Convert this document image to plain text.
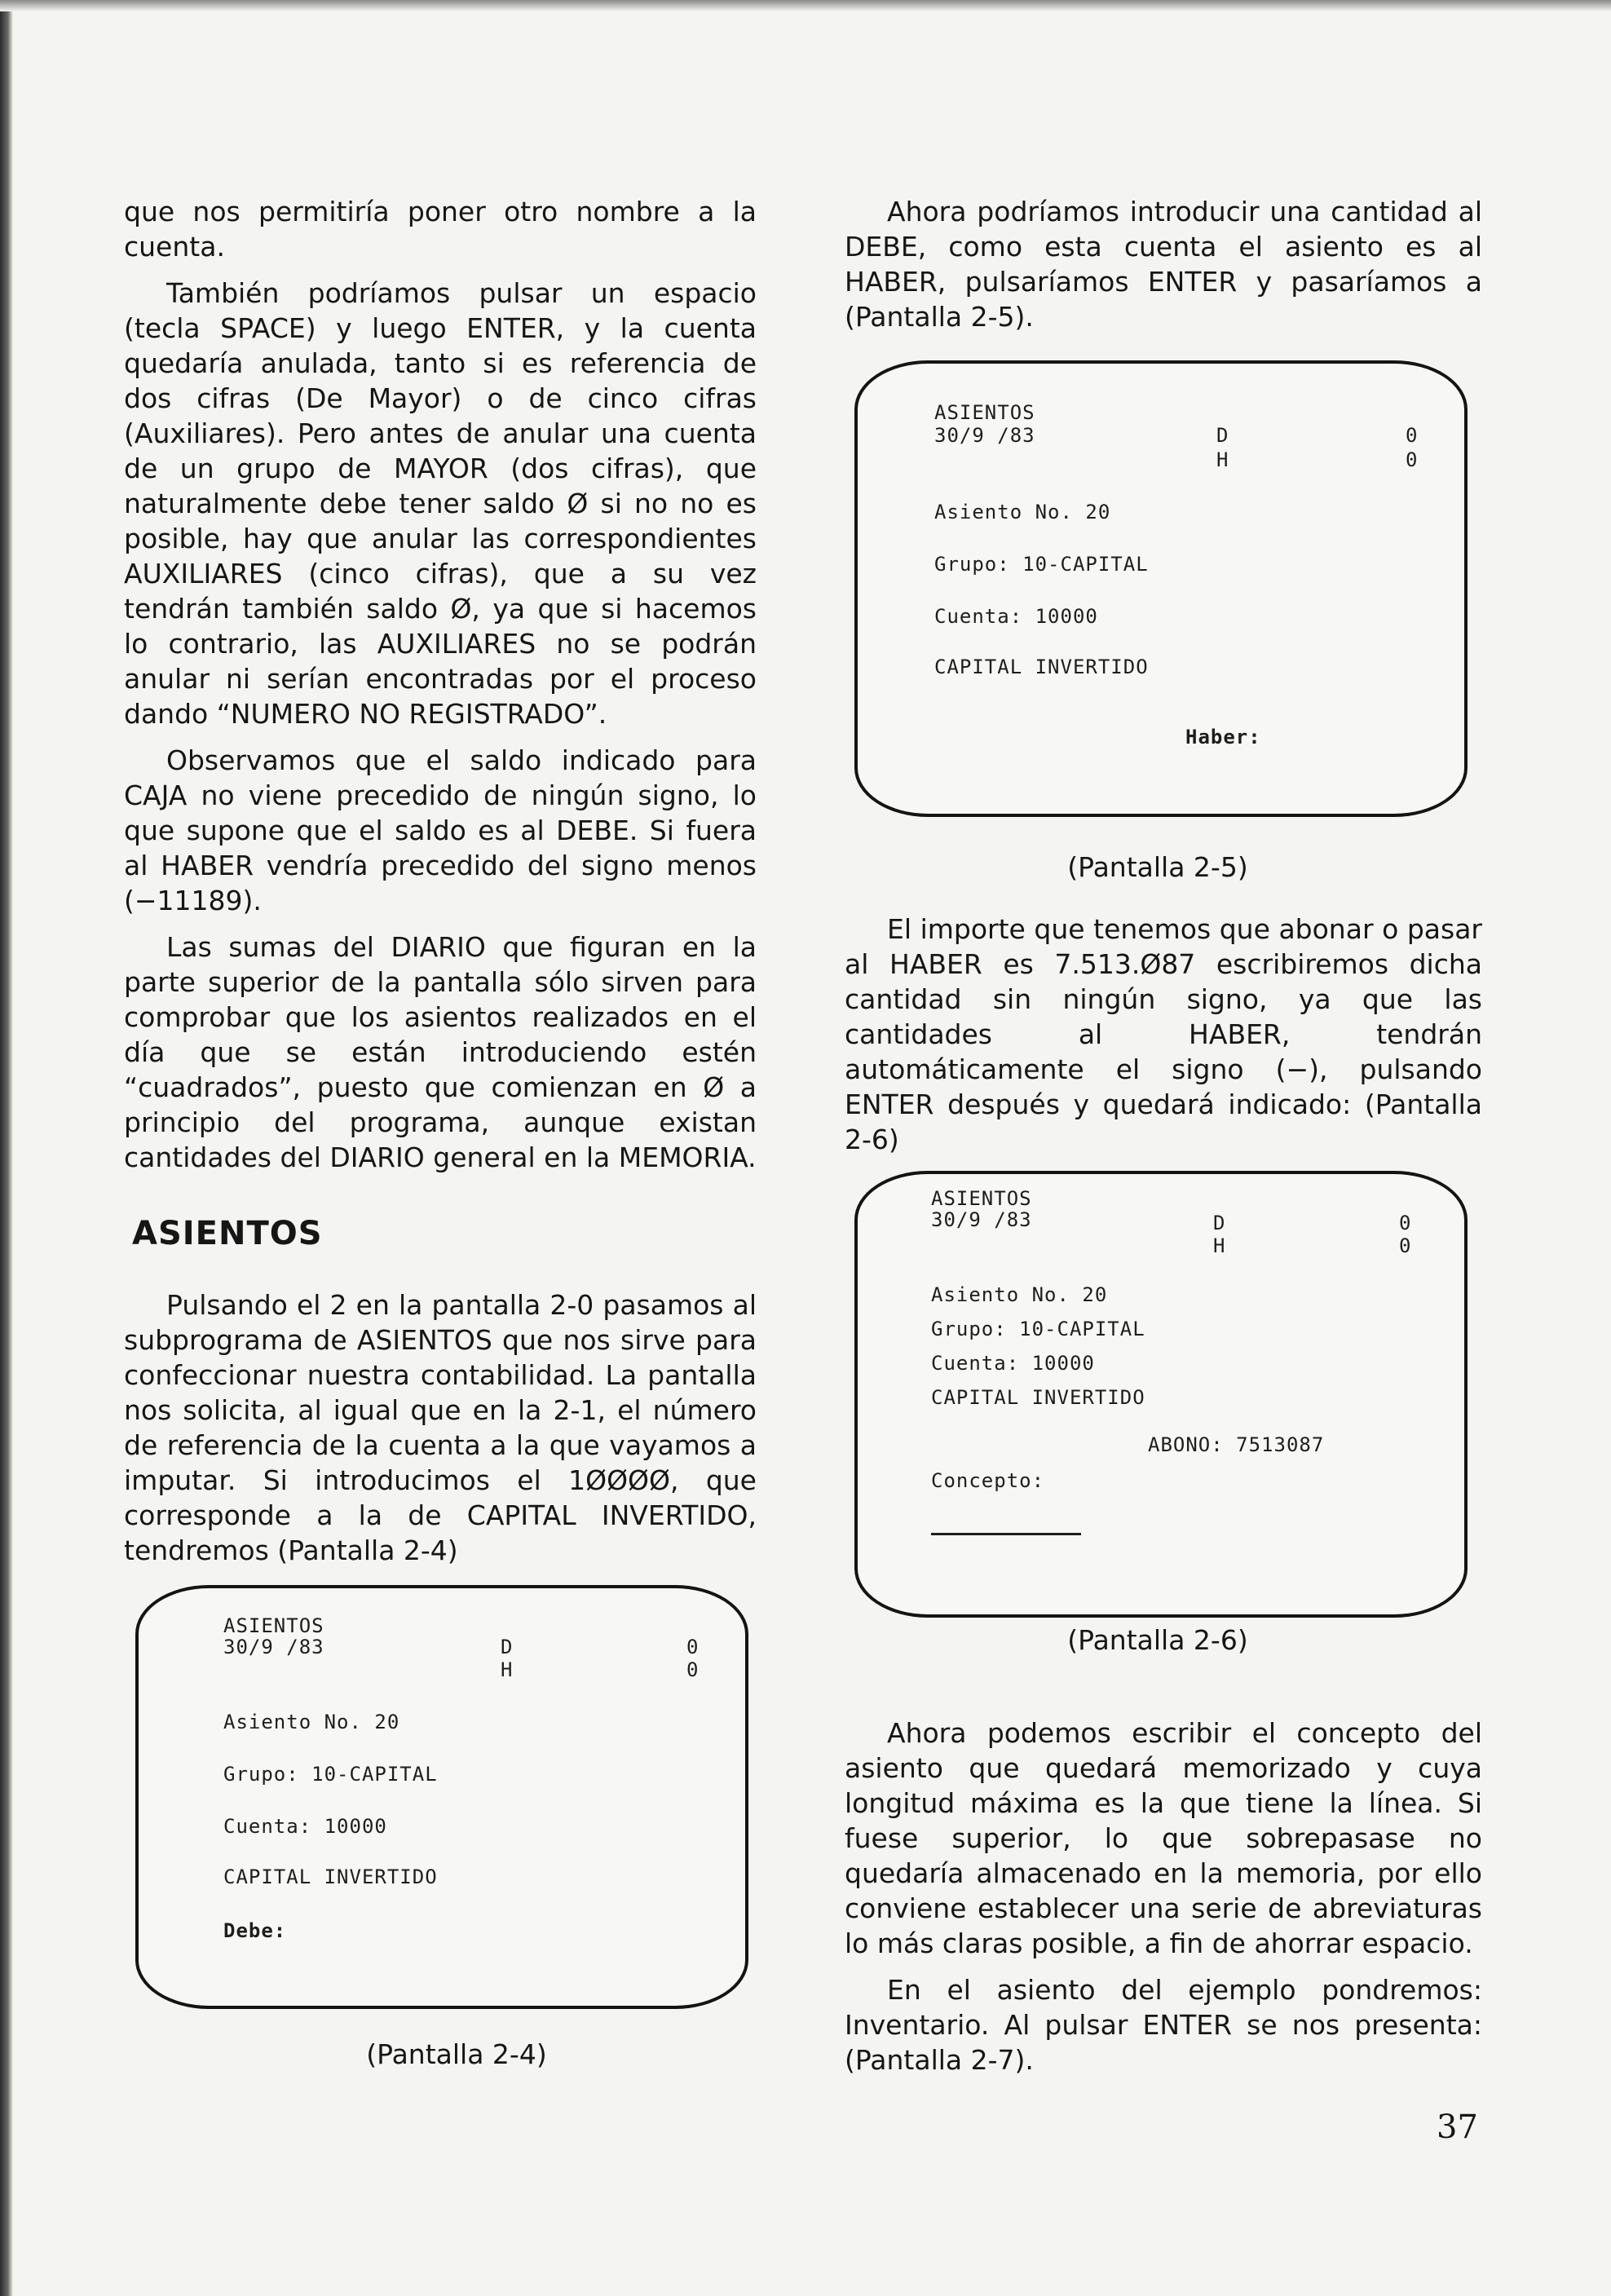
que nos permitiría poner otro nombre a la cuenta.

También podríamos pulsar un espacio (tecla SPACE) y luego ENTER, y la cuenta quedaría anulada, tanto si es referencia de dos cifras (De Mayor) o de cinco cifras (Auxiliares). Pero antes de anular una cuenta de un grupo de MAYOR (dos cifras), que naturalmente debe tener saldo Ø si no no es posible, hay que anular las correspondientes AUXILIARES (cinco cifras), que a su vez tendrán también saldo Ø, ya que si hacemos lo contrario, las AUXILIARES no se podrán anular ni serían encontradas por el proceso dando “NUMERO NO REGISTRADO”.

Observamos que el saldo indicado para CAJA no viene precedido de ningún signo, lo que supone que el saldo es al DEBE. Si fuera al HABER vendría precedido del signo menos (−11189).

Las sumas del DIARIO que figuran en la parte superior de la pantalla sólo sirven para comprobar que los asientos realizados en el día que se están introduciendo estén “cuadrados”, puesto que comienzan en Ø a principio del programa, aunque existan cantidades del DIARIO general en la MEMORIA.

ASIENTOS

Pulsando el 2 en la pantalla 2-0 pasamos al subprograma de ASIENTOS que nos sirve para confeccionar nuestra contabilidad. La pantalla nos solicita, al igual que en la 2-1, el número de referencia de la cuenta a la que vayamos a imputar. Si introducimos el 1ØØØØ, que corresponde a la de CAPITAL INVERTIDO, tendremos (Pantalla 2-4)

ASIENTOS
30/9 /83	D	0
H	0
Asiento No. 20
Grupo: 10-CAPITAL
Cuenta: 10000
CAPITAL INVERTIDO
Debe:
(Pantalla 2-4)

Ahora podríamos introducir una cantidad al DEBE, como esta cuenta el asiento es al HABER, pulsaríamos ENTER y pasaríamos a (Pantalla 2-5).

ASIENTOS
30/9 /83	D	0
H	0
Asiento No. 20
Grupo: 10-CAPITAL
Cuenta: 10000
CAPITAL INVERTIDO
Haber:
(Pantalla 2-5)

El importe que tenemos que abonar o pasar al HABER es 7.513.Ø87 escribiremos dicha cantidad sin ningún signo, ya que las cantidades al HABER, tendrán automáticamente el signo (−), pulsando ENTER después y quedará indicado: (Pantalla 2-6)

ASIENTOS
30/9 /83	D	0
H	0
Asiento No. 20
Grupo: 10-CAPITAL
Cuenta: 10000
CAPITAL INVERTIDO
ABONO: 7513087
Concepto:
(Pantalla 2-6)

Ahora podemos escribir el concepto del asiento que quedará memorizado y cuya longitud máxima es la que tiene la línea. Si fuese superior, lo que sobrepasase no quedaría almacenado en la memoria, por ello conviene establecer una serie de abreviaturas lo más claras posible, a fin de ahorrar espacio.

En el asiento del ejemplo pondremos: Inventario. Al pulsar ENTER se nos presenta: (Pantalla 2-7).

37
